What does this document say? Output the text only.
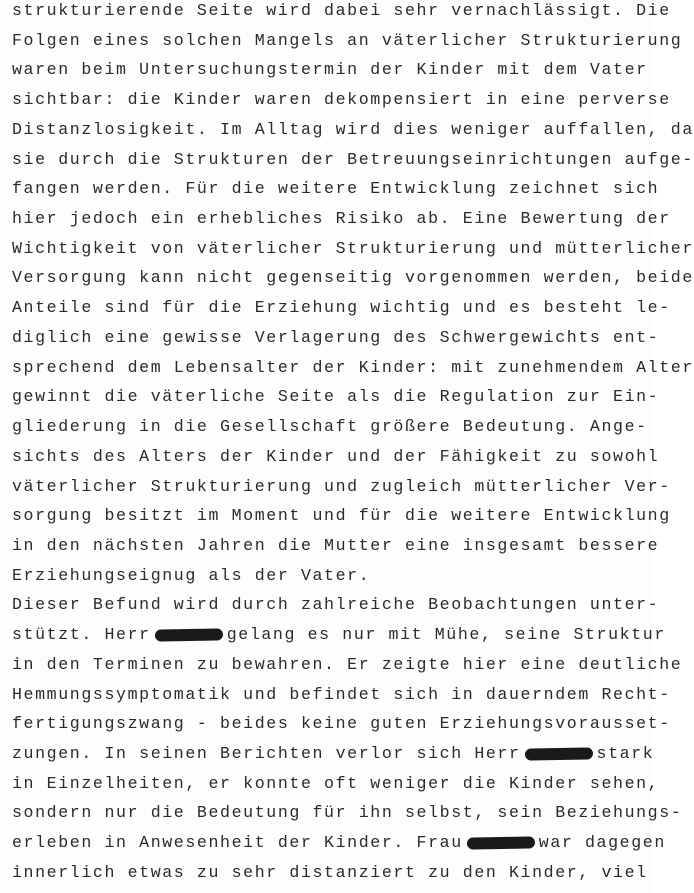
strukturierende Seite wird dabei sehr vernachlässigt. Die
Folgen eines solchen Mangels an väterlicher Strukturierung
waren beim Untersuchungstermin der Kinder mit dem Vater
sichtbar: die Kinder waren dekompensiert in eine perverse
Distanzlosigkeit. Im Alltag wird dies weniger auffallen, da
sie durch die Strukturen der Betreuungseinrichtungen aufge-
fangen werden. Für die weitere Entwicklung zeichnet sich
hier jedoch ein erhebliches Risiko ab. Eine Bewertung der
Wichtigkeit von väterlicher Strukturierung und mütterlicher
Versorgung kann nicht gegenseitig vorgenommen werden, beide
Anteile sind für die Erziehung wichtig und es besteht le-
diglich eine gewisse Verlagerung des Schwergewichts ent-
sprechend dem Lebensalter der Kinder: mit zunehmendem Alter
gewinnt die väterliche Seite als die Regulation zur Ein-
gliederung in die Gesellschaft größere Bedeutung. Ange-
sichts des Alters der Kinder und der Fähigkeit zu sowohl
väterlicher Strukturierung und zugleich mütterlicher Ver-
sorgung besitzt im Moment und für die weitere Entwicklung
in den nächsten Jahren die Mutter eine insgesamt bessere
Erziehungseignug als der Vater.
Dieser Befund wird durch zahlreiche Beobachtungen unter-
stützt. Herr	gelang es nur mit Mühe, seine Struktur
in den Terminen zu bewahren. Er zeigte hier eine deutliche
Hemmungssymptomatik und befindet sich in dauerndem Recht-
fertigungszwang - beides keine guten Erziehungsvorausset-
zungen. In seinen Berichten verlor sich Herr	stark
in Einzelheiten, er konnte oft weniger die Kinder sehen,
sondern nur die Bedeutung für ihn selbst, sein Beziehungs-
erleben in Anwesenheit der Kinder. Frau	war dagegen
innerlich etwas zu sehr distanziert zu den Kinder, viel
